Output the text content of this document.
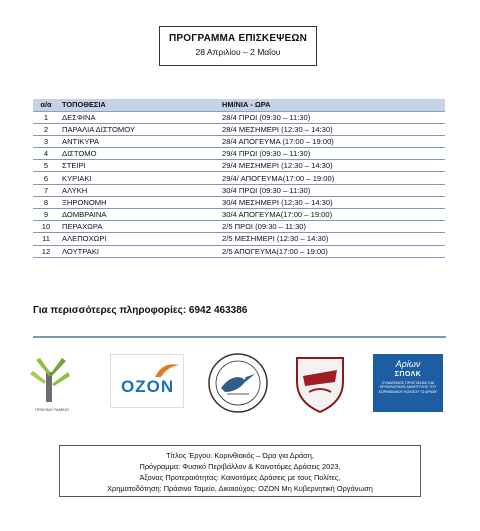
ΠΡΟΓΡΑΜΜΑ ΕΠΙΣΚΕΨΕΩΝ
28 Απριλίου – 2 Μαΐου
α/α	ΤΟΠΟΘΕΣΙΑ	ΗΜ/ΝΙΑ - ΩΡΑ
1	ΔΕΣΦΙΝΑ	28/4 ΠΡΩΙ (09:30 – 11:30)
2	ΠΑΡΑΛΙΑ ΔΙΣΤΟΜΟΥ	28/4 ΜΕΣΗΜΕΡΙ (12:30 – 14:30)
3	ΑΝΤΙΚΥΡΑ	28/4 ΑΠΟΓΕΥΜΑ (17:00 – 19:00)
4	ΔΙΣΤΟΜΟ	29/4 ΠΡΩΙ (09:30 – 11:30)
5	ΣΤΕΙΡΙ	29/4 ΜΕΣΗΜΕΡΙ (12:30 – 14:30)
6	ΚΥΡΙΑΚΙ	29/4/ ΑΠΟΓΕΥΜΑ(17:00 – 19:00)
7	ΑΛΥΚΗ	30/4 ΠΡΩΙ (09:30 – 11:30)
8	ΞΗΡΟΝΟΜΗ	30/4 ΜΕΣΗΜΕΡΙ (12:30 – 14:30)
9	ΔΟΜΒΡΑΙΝΑ	30/4 ΑΠΟΓΕΥΜΑ(17:00 – 19:00)
10	ΠΕΡΑΧΩΡΑ	2/5 ΠΡΩΙ (09:30 – 11:30)
11	ΑΛΕΠΟΧΩΡΙ	2/5 ΜΕΣΗΜΕΡΙ (12:30 – 14:30)
12	ΛΟΥΤΡΑΚΙ	2/5 ΑΠΟΓΕΥΜΑ(17:00 – 19:00)
Για περισσότερες πληροφορίες: 6942 463386
ΠΡΑΣΙΝΟ ΤΑΜΕΙΟ
OZON
Αρίων
ΣΠΟΛΚ
ΣΥΝΔΕΣΜΟΣ ΠΡΟΣΤΑΣΙΑΣ ΚΑΙ ΟΡΘΟΛΟΓΙΚΗΣ ΑΝΑΠΤΥΞΗΣ ΤΟΥ ΚΟΡΙΝΘΙΑΚΟΥ ΚΟΛΠΟΥ "Ο ΑΡΙΩΝ"
Τίτλος Έργου: Κορινθιακός – Ώρα για Δράση,
Πρόγραμμα: Φυσικό Περιβάλλον & Καινοτόμες Δράσεις 2023,
Άξονας Προτεραιότητας: Καινοτόμες Δράσεις με τους Πολίτες,
Χρηματοδότηση: Πράσινο Ταμείο, Δικαιούχος: OZON Μη Κυβερνητική Οργάνωση
